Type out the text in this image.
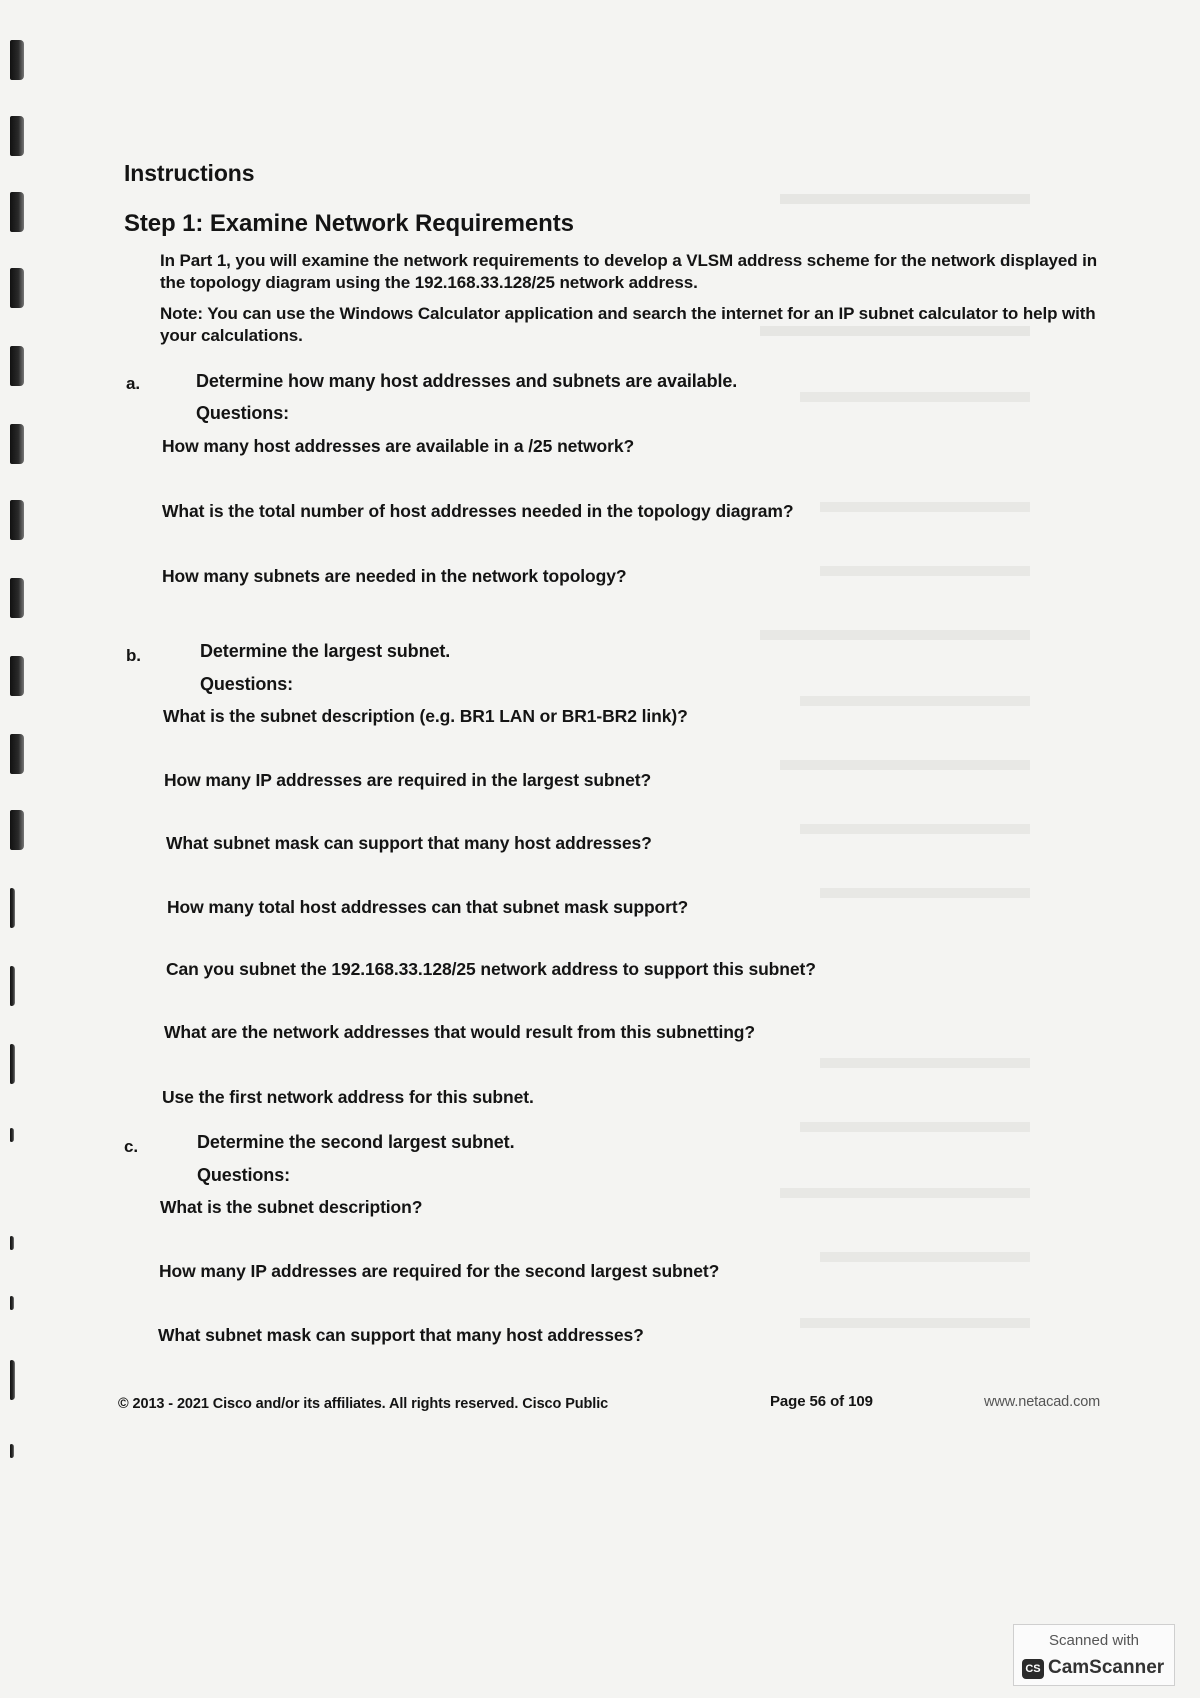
Instructions
Step 1: Examine Network Requirements
In Part 1, you will examine the network requirements to develop a VLSM address scheme for the network displayed in the topology diagram using the 192.168.33.128/25 network address.
Note: You can use the Windows Calculator application and search the internet for an IP subnet calculator to help with your calculations.
a.	Determine how many host addresses and subnets are available.
Questions:
How many host addresses are available in a /25 network?
What is the total number of host addresses needed in the topology diagram?
How many subnets are needed in the network topology?
b.	Determine the largest subnet.
Questions:
What is the subnet description (e.g. BR1 LAN or BR1-BR2 link)?
How many IP addresses are required in the largest subnet?
What subnet mask can support that many host addresses?
How many total host addresses can that subnet mask support?
Can you subnet the 192.168.33.128/25 network address to support this subnet?
What are the network addresses that would result from this subnetting?
Use the first network address for this subnet.
c.	Determine the second largest subnet.
Questions:
What is the subnet description?
How many IP addresses are required for the second largest subnet?
What subnet mask can support that many host addresses?
© 2013 - 2021 Cisco and/or its affiliates. All rights reserved. Cisco Public	Page 56 of 109	www.netacad.com
Scanned with
CS CamScanner
